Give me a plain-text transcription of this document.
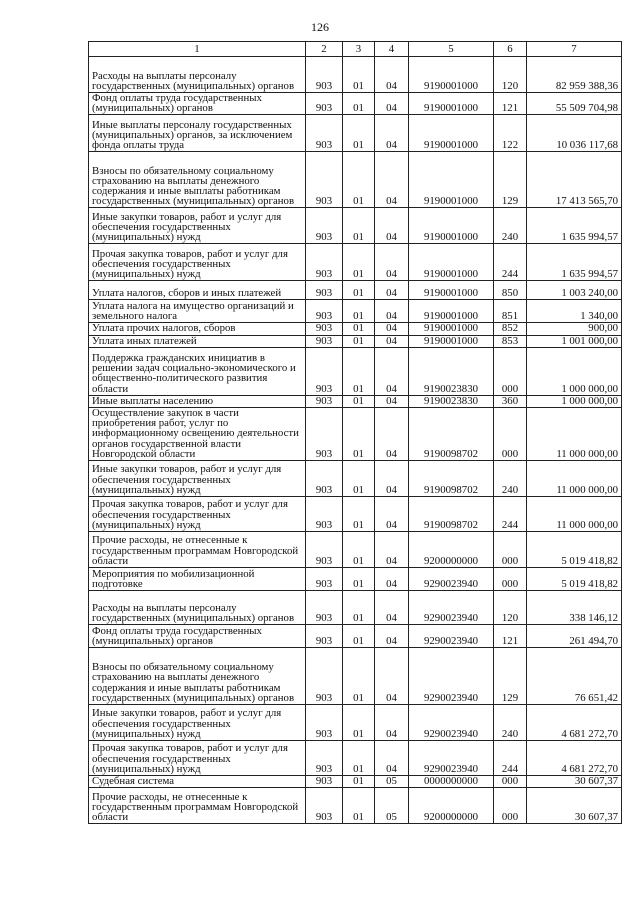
126
1	2	3	4	5	6	7
Расходы на выплаты персоналу государственных (муниципальных) органов	903	01	04	9190001000	120	82 959 388,36
Фонд оплаты труда государственных (муниципальных) органов	903	01	04	9190001000	121	55 509 704,98
Иные выплаты персоналу государственных (муниципальных) органов, за исключением фонда оплаты труда	903	01	04	9190001000	122	10 036 117,68
Взносы по обязательному социальному страхованию на выплаты денежного содержания и иные выплаты работникам государственных (муниципальных) органов	903	01	04	9190001000	129	17 413 565,70
Иные закупки товаров, работ и услуг для обеспечения государственных (муниципальных) нужд	903	01	04	9190001000	240	1 635 994,57
Прочая закупка товаров, работ и услуг для обеспечения государственных (муниципальных) нужд	903	01	04	9190001000	244	1 635 994,57
Уплата налогов, сборов и иных платежей	903	01	04	9190001000	850	1 003 240,00
Уплата налога на имущество организаций и земельного налога	903	01	04	9190001000	851	1 340,00
Уплата прочих налогов, сборов	903	01	04	9190001000	852	900,00
Уплата иных платежей	903	01	04	9190001000	853	1 001 000,00
Поддержка гражданских инициатив в решении задач социально-экономического и общественно-политического развития области	903	01	04	9190023830	000	1 000 000,00
Иные выплаты населению	903	01	04	9190023830	360	1 000 000,00
Осуществление закупок в части приобретения работ, услуг по информационному освещению деятельности органов государственной власти Новгородской области	903	01	04	9190098702	000	11 000 000,00
Иные закупки товаров, работ и услуг для обеспечения государственных (муниципальных) нужд	903	01	04	9190098702	240	11 000 000,00
Прочая закупка товаров, работ и услуг для обеспечения государственных (муниципальных) нужд	903	01	04	9190098702	244	11 000 000,00
Прочие расходы, не отнесенные к государственным программам Новгородской области	903	01	04	9200000000	000	5 019 418,82
Мероприятия по мобилизационной подготовке	903	01	04	9290023940	000	5 019 418,82
Расходы на выплаты персоналу государственных (муниципальных) органов	903	01	04	9290023940	120	338 146,12
Фонд оплаты труда государственных (муниципальных) органов	903	01	04	9290023940	121	261 494,70
Взносы по обязательному социальному страхованию на выплаты денежного содержания и иные выплаты работникам государственных (муниципальных) органов	903	01	04	9290023940	129	76 651,42
Иные закупки товаров, работ и услуг для обеспечения государственных (муниципальных) нужд	903	01	04	9290023940	240	4 681 272,70
Прочая закупка товаров, работ и услуг для обеспечения государственных (муниципальных) нужд	903	01	04	9290023940	244	4 681 272,70
Судебная система	903	01	05	0000000000	000	30 607,37
Прочие расходы, не отнесенные к государственным программам Новгородской области	903	01	05	9200000000	000	30 607,37
